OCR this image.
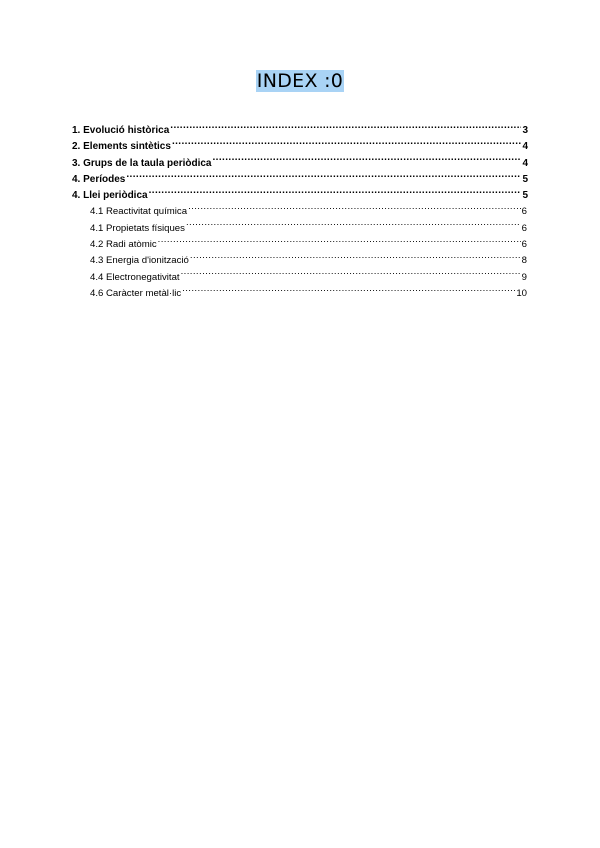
INDEX :0
1. Evolució històrica .....	3
2. Elements sintètics .....	4
3. Grups de la taula periòdica .....	4
4. Períodes .....	5
4. Llei periòdica .....	5
4.1 Reactivitat química .....	6
4.1 Propietats físiques .....	6
4.2 Radi atòmic .....	6
4.3 Energia d'ionització .....	8
4.4 Electronegativitat .....	9
4.6 Caràcter metàl·lic .....	10
